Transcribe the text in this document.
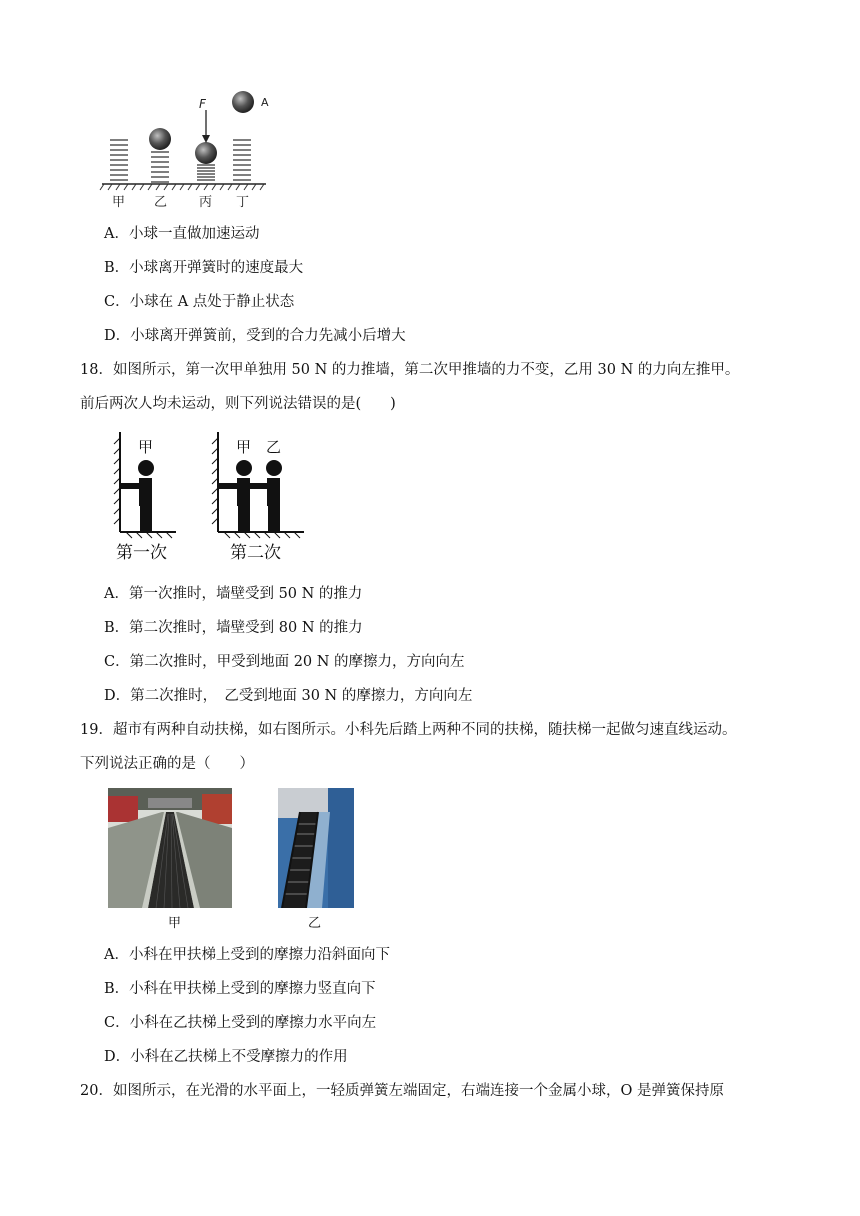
F	A
甲 乙 丙 丁
A．小球一直做加速运动
B．小球离开弹簧时的速度最大
C．小球在 A 点处于静止状态
D．小球离开弹簧前，受到的合力先减小后增大
18．如图所示，第一次甲单独用 50 N 的力推墙，第二次甲推墙的力不变，乙用 30 N 的力向左推甲。
前后两次人均未运动，则下列说法错误的是(　　)
甲	甲 乙
第一次	第二次
A．第一次推时，墙壁受到 50 N 的推力
B．第二次推时，墙壁受到 80 N 的推力
C．第二次推时，甲受到地面 20 N 的摩擦力，方向向左
D．第二次推时，　乙受到地面 30 N 的摩擦力，方向向左
19．超市有两种自动扶梯，如右图所示。小科先后踏上两种不同的扶梯，随扶梯一起做匀速直线运动。
下列说法正确的是（　　）
甲	乙
A．小科在甲扶梯上受到的摩擦力沿斜面向下
B．小科在甲扶梯上受到的摩擦力竖直向下
C．小科在乙扶梯上受到的摩擦力水平向左
D．小科在乙扶梯上不受摩擦力的作用
20．如图所示，在光滑的水平面上，一轻质弹簧左端固定，右端连接一个金属小球，O 是弹簧保持原
